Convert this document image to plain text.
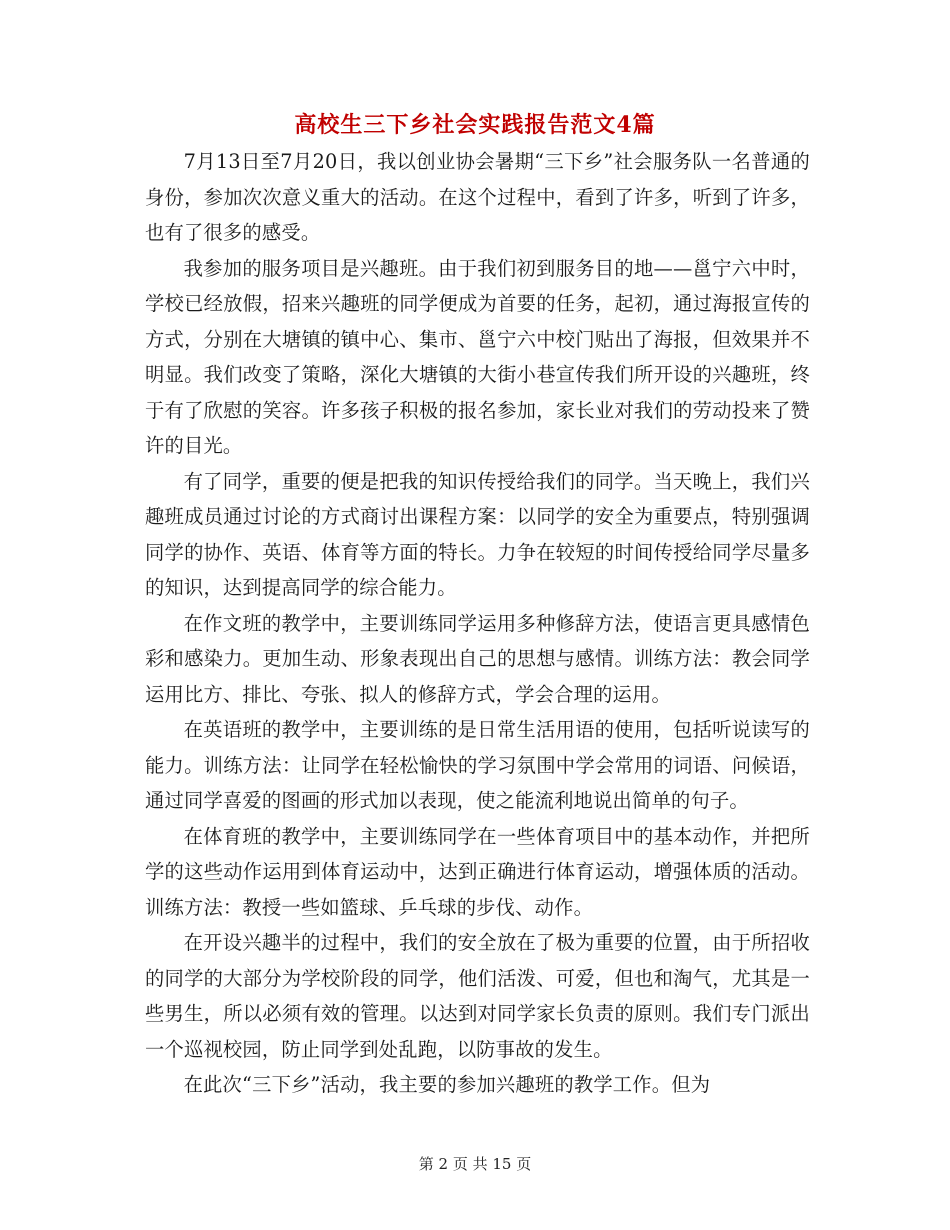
高校生三下乡社会实践报告范文4篇

7月13日至7月20日，我以创业协会暑期“三下乡”社会服务队一名普通的身份，参加次次意义重大的活动。在这个过程中，看到了许多，听到了许多，也有了很多的感受。

我参加的服务项目是兴趣班。由于我们初到服务目的地——邕宁六中时，学校已经放假，招来兴趣班的同学便成为首要的任务，起初，通过海报宣传的方式，分别在大塘镇的镇中心、集市、邕宁六中校门贴出了海报，但效果并不明显。我们改变了策略，深化大塘镇的大街小巷宣传我们所开设的兴趣班，终于有了欣慰的笑容。许多孩子积极的报名参加，家长业对我们的劳动投来了赞许的目光。

有了同学，重要的便是把我的知识传授给我们的同学。当天晚上，我们兴趣班成员通过讨论的方式商讨出课程方案：以同学的安全为重要点，特别强调同学的协作、英语、体育等方面的特长。力争在较短的时间传授给同学尽量多的知识，达到提高同学的综合能力。

在作文班的教学中，主要训练同学运用多种修辞方法，使语言更具感情色彩和感染力。更加生动、形象表现出自己的思想与感情。训练方法：教会同学运用比方、排比、夸张、拟人的修辞方式，学会合理的运用。

在英语班的教学中，主要训练的是日常生活用语的使用，包括听说读写的能力。训练方法：让同学在轻松愉快的学习氛围中学会常用的词语、问候语，通过同学喜爱的图画的形式加以表现，使之能流利地说出简单的句子。

在体育班的教学中，主要训练同学在一些体育项目中的基本动作，并把所学的这些动作运用到体育运动中，达到正确进行体育运动，增强体质的活动。训练方法：教授一些如篮球、乒乓球的步伐、动作。

在开设兴趣半的过程中，我们的安全放在了极为重要的位置，由于所招收的同学的大部分为学校阶段的同学，他们活泼、可爱，但也和淘气，尤其是一些男生，所以必须有效的管理。以达到对同学家长负责的原则。我们专门派出一个巡视校园，防止同学到处乱跑，以防事故的发生。

在此次“三下乡”活动，我主要的参加兴趣班的教学工作。但为

第 2 页 共 15 页
